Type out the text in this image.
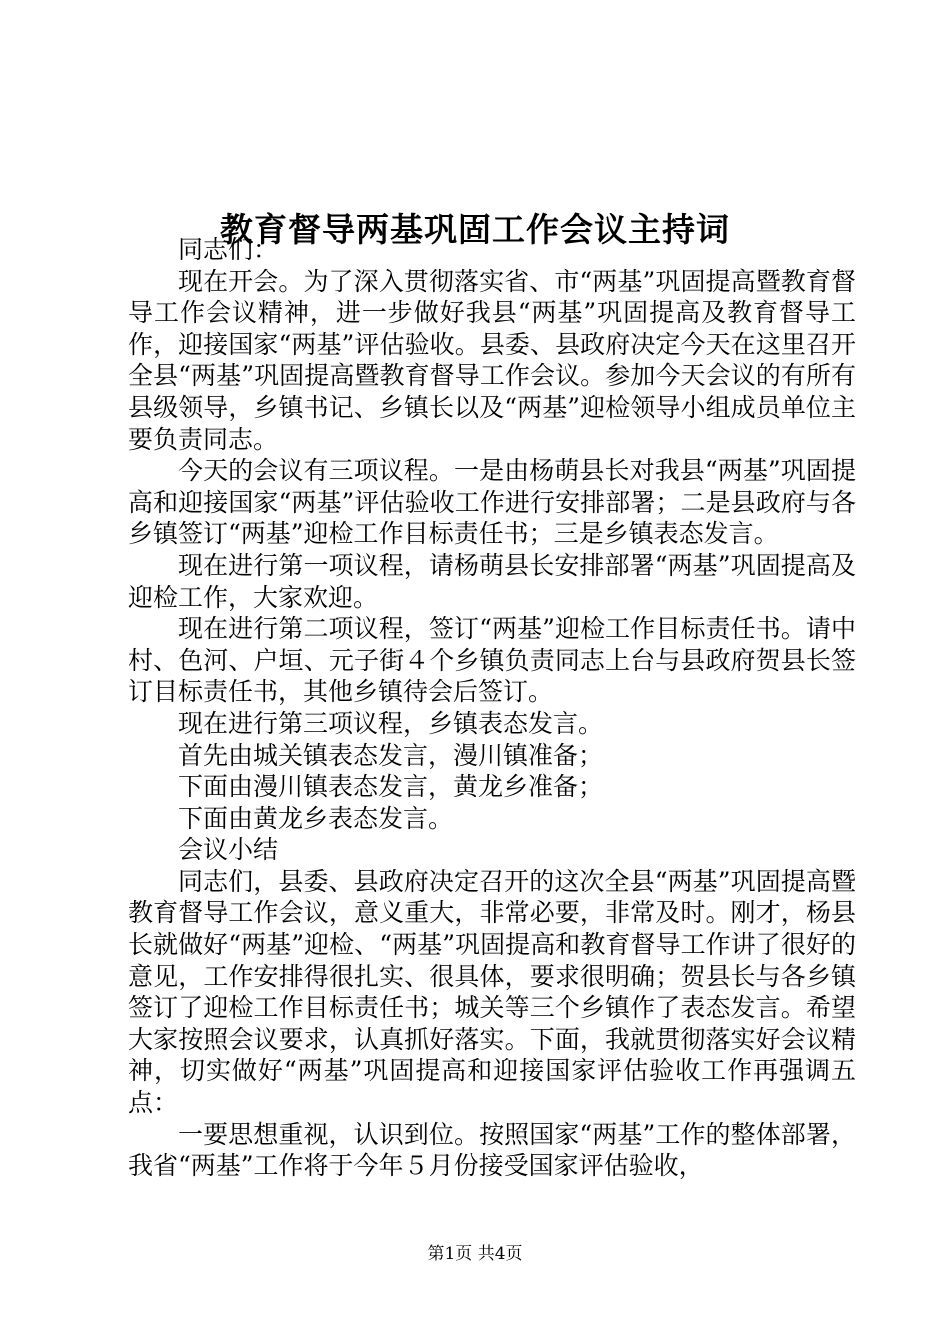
教育督导两基巩固工作会议主持词

同志们：

现在开会。为了深入贯彻落实省、市“两基”巩固提高暨教育督导工作会议精神，进一步做好我县“两基”巩固提高及教育督导工作，迎接国家“两基”评估验收。县委、县政府决定今天在这里召开全县“两基”巩固提高暨教育督导工作会议。参加今天会议的有所有县级领导，乡镇书记、乡镇长以及“两基”迎检领导小组成员单位主要负责同志。

今天的会议有三项议程。一是由杨萌县长对我县“两基”巩固提高和迎接国家“两基”评估验收工作进行安排部署；二是县政府与各乡镇签订“两基”迎检工作目标责任书；三是乡镇表态发言。

现在进行第一项议程，请杨萌县长安排部署“两基”巩固提高及迎检工作，大家欢迎。

现在进行第二项议程，签订“两基”迎检工作目标责任书。请中村、色河、户垣、元子街４个乡镇负责同志上台与县政府贺县长签订目标责任书，其他乡镇待会后签订。

现在进行第三项议程，乡镇表态发言。

首先由城关镇表态发言，漫川镇准备；

下面由漫川镇表态发言，黄龙乡准备；

下面由黄龙乡表态发言。

会议小结

同志们，县委、县政府决定召开的这次全县“两基”巩固提高暨教育督导工作会议，意义重大，非常必要，非常及时。刚才，杨县长就做好“两基”迎检、“两基”巩固提高和教育督导工作讲了很好的意见，工作安排得很扎实、很具体，要求很明确；贺县长与各乡镇签订了迎检工作目标责任书；城关等三个乡镇作了表态发言。希望大家按照会议要求，认真抓好落实。下面，我就贯彻落实好会议精神，切实做好“两基”巩固提高和迎接国家评估验收工作再强调五点：

一要思想重视，认识到位。按照国家“两基”工作的整体部署，我省“两基”工作将于今年５月份接受国家评估验收，

第1页 共4页
